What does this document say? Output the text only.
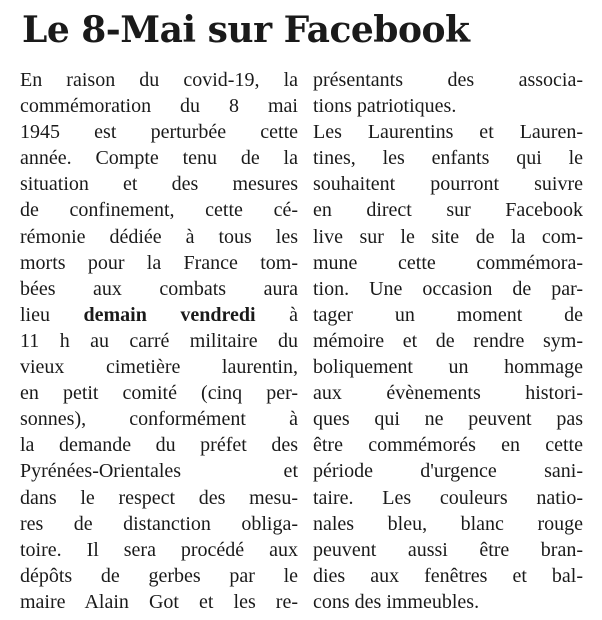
Le 8-Mai sur Facebook
En raison du covid-19, la
commémoration du 8 mai
1945 est perturbée cette
année. Compte tenu de la
situation et des mesures
de confinement, cette cé-
rémonie dédiée à tous les
morts pour la France tom-
bées aux combats aura
lieu demain vendredi à
11 h au carré militaire du
vieux cimetière laurentin,
en petit comité (cinq per-
sonnes), conformément à
la demande du préfet des
Pyrénées-Orientales et
dans le respect des mesu-
res de distanction obliga-
toire. Il sera procédé aux
dépôts de gerbes par le
maire Alain Got et les re-
présentants des associa-
tions patriotiques.
Les Laurentins et Lauren-
tines, les enfants qui le
souhaitent pourront suivre
en direct sur Facebook
live sur le site de la com-
mune cette commémora-
tion. Une occasion de par-
tager un moment de
mémoire et de rendre sym-
boliquement un hommage
aux évènements histori-
ques qui ne peuvent pas
être commémorés en cette
période d'urgence sani-
taire. Les couleurs natio-
nales bleu, blanc rouge
peuvent aussi être bran-
dies aux fenêtres et bal-
cons des immeubles.
